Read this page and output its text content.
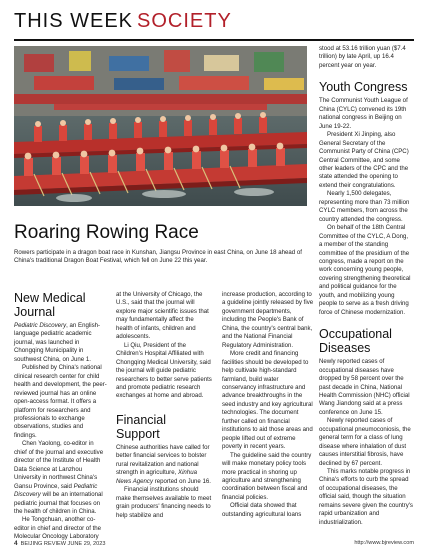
THIS WEEK SOCIETY
Roaring Rowing Race
Rowers participate in a dragon boat race in Kunshan, Jiangsu Province in east China, on June 18 ahead of China's traditional Dragon Boat Festival, which fell on June 22 this year.
New Medical Journal

Pediatric Discovery, an English-language pediatric academic journal, was launched in Chongqing Municipality in southwest China, on June 1.

Published by China's national clinical research center for child health and development, the peer-reviewed journal has an online open-access format. It offers a platform for researchers and professionals to exchange observations, studies and findings.

Chen Yaolong, co-editor in chief of the journal and executive director of the Institute of Health Data Science at Lanzhou University in northwest China's Gansu Province, said Pediatric Discovery will be an international pediatric journal that focuses on the health of children in China.

He Tongchuan, another co-editor in chief and director of the Molecular Oncology Laboratory

at the University of Chicago, the U.S., said that the journal will explore major scientific issues that may fundamentally affect the health of infants, children and adolescents.

Li Qiu, President of the Children's Hospital Affiliated with Chongqing Medical University, said the journal will guide pediatric researchers to better serve patients and promote pediatric research exchanges at home and abroad.

Financial Support

Chinese authorities have called for better financial services to bolster rural revitalization and national strength in agriculture, Xinhua News Agency reported on June 16.

Financial institutions should make themselves available to meet grain producers' financing needs to help stabilize and

increase production, according to a guideline jointly released by five government departments, including the People's Bank of China, the country's central bank, and the National Financial Regulatory Administration.

More credit and financing facilities should be developed to help cultivate high-standard farmland, build water conservancy infrastructure and advance breakthroughs in the seed industry and key agricultural technologies. The document further called on financial institutions to aid those areas and people lifted out of extreme poverty in recent years.

The guideline said the country will make monetary policy tools more practical in shoring up agriculture and strengthening coordination between fiscal and financial policies.

Official data showed that outstanding agricultural loans

stood at 53.16 trillion yuan ($7.4 trillion) by late April, up 16.4 percent year on year.

Youth Congress

The Communist Youth League of China (CYLC) convened its 19th national congress in Beijing on June 19-22.

President Xi Jinping, also General Secretary of the Communist Party of China (CPC) Central Committee, and some other leaders of the CPC and the state attended the opening to extend their congratulations.

Nearly 1,500 delegates, representing more than 73 million CYLC members, from across the country attended the congress.

On behalf of the 18th Central Committee of the CYLC, A Dong, a member of the standing committee of the presidium of the congress, made a report on the work concerning young people, covering strengthening theoretical and political guidance for the youth, and mobilizing young people to serve as a fresh driving force of Chinese modernization.

Occupational Diseases

Newly reported cases of occupational diseases have dropped by 58 percent over the past decade in China, National Health Commission (NHC) official Wang Jiandong said at a press conference on June 15.

Newly reported cases of occupational pneumoconiosis, the general term for a class of lung disease where inhalation of dust causes interstitial fibrosis, have declined by 67 percent.

This marks notable progress in China's efforts to curb the spread of occupational diseases, the official said, though the situation remains severe given the country's rapid urbanization and industrialization.

4 BEIJING REVIEW JUNE 29, 2023	http://www.bjreview.com
